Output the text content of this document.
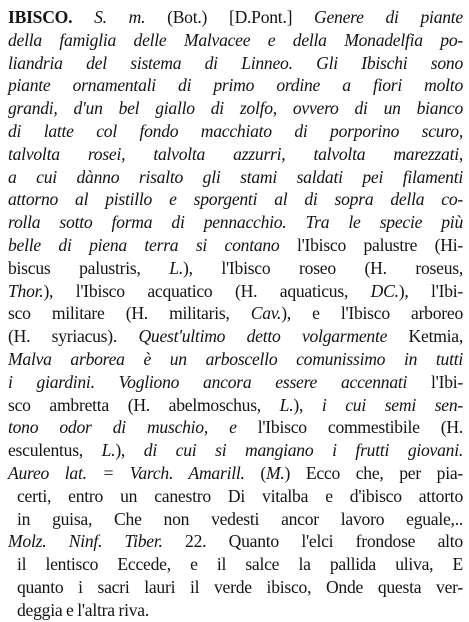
IBISCO. S. m. (Bot.) [D.Pont.] Genere di piante
della famiglia delle Malvacee e della Monadelfia po-
liandria del sistema di Linneo. Gli Ibischi sono
piante ornamentali di primo ordine a fiori molto
grandi, d'un bel giallo di zolfo, ovvero di un bianco
di latte col fondo macchiato di porporino scuro,
talvolta rosei, talvolta azzurri, talvolta marezzati,
a cui dànno risalto gli stami saldati pei filamenti
attorno al pistillo e sporgenti al di sopra della co-
rolla sotto forma di pennacchio. Tra le specie più
belle di piena terra si contano l'Ibisco palustre (Hi-
biscus palustris, L.), l'Ibisco roseo (H. roseus,
Thor.), l'Ibisco acquatico (H. aquaticus, DC.), l'Ibi-
sco militare (H. militaris, Cav.), e l'Ibisco arboreo
(H. syriacus). Quest'ultimo detto volgarmente Ketmia,
Malva arborea è un arboscello comunissimo in tutti
i giardini. Vogliono ancora essere accennati l'Ibi-
sco ambretta (H. abelmoschus, L.), i cui semi sen-
tono odor di muschio, e l'Ibisco commestibile (H.
esculentus, L.), di cui si mangiano i frutti giovani.
Aureo lat. = Varch. Amarill. (M.) Ecco che, per pia-
certi, entro un canestro Di vitalba e d'ibisco attorto
in guisa, Che non vedesti ancor lavoro eguale,..
Molz. Ninf. Tiber. 22. Quanto l'elci frondose alto
il lentisco Eccede, e il salce la pallida uliva, E
quanto i sacri lauri il verde ibisco, Onde questa ver-
deggia e l'altra riva.
